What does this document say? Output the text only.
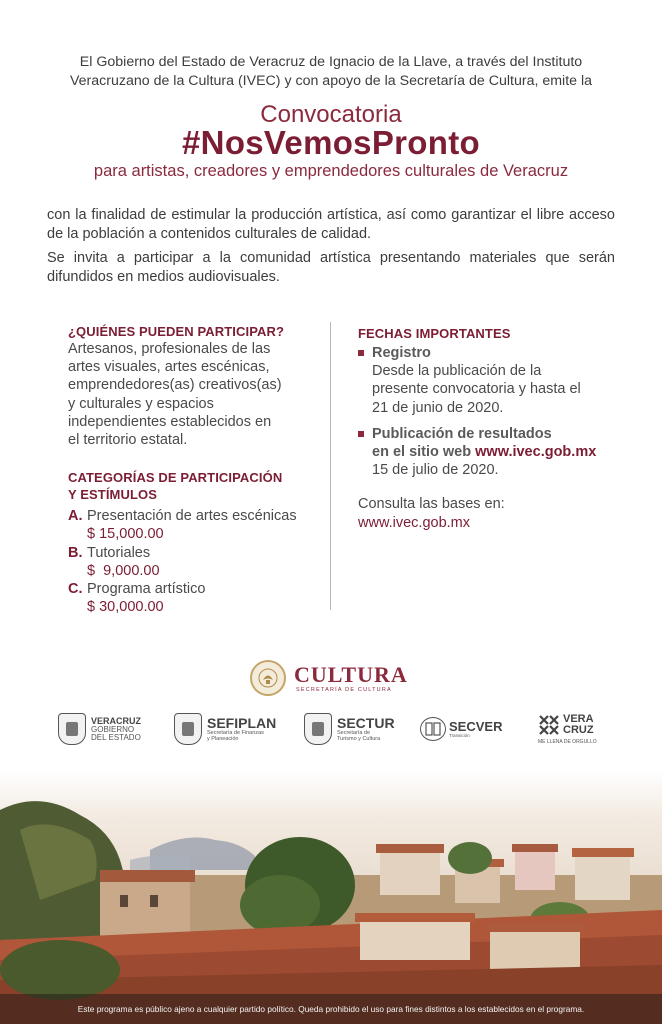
El Gobierno del Estado de Veracruz de Ignacio de la Llave, a través del Instituto
Veracruzano de la Cultura (IVEC) y con apoyo de la Secretaría de Cultura, emite la
Convocatoria
#NosVemosPronto
para artistas, creadores y emprendedores culturales de Veracruz
con la finalidad de estimular la producción artística, así como garantizar el libre acceso de la población a contenidos culturales de calidad.
Se invita a participar a la comunidad artística presentando materiales que serán difundidos en medios audiovisuales.
¿QUIÉNES PUEDEN PARTICIPAR?
Artesanos, profesionales de las
artes visuales, artes escénicas,
emprendedores(as) creativos(as)
y culturales y espacios
independientes establecidos en
el territorio estatal.
CATEGORÍAS DE PARTICIPACIÓN
Y ESTÍMULOS
A. Presentación de artes escénicas
$ 15,000.00
B. Tutoriales
$  9,000.00
C. Programa artístico
$ 30,000.00
FECHAS IMPORTANTES
Registro
Desde la publicación de la
presente convocatoria y hasta el
21 de junio de 2020.
Publicación de resultados
en el sitio web www.ivec.gob.mx
15 de julio de 2020.
Consulta las bases en:
www.ivec.gob.mx
CULTURA
SECRETARÍA DE CULTURA
VERACRUZ
GOBIERNO
DEL ESTADO
SEFIPLAN
Secretaría de Finanzas
y Planeación
SECTUR
Secretaría de
Turismo y Cultura
SECVER
Transición
VERA
CRUZ
ME LLENA DE ORGULLO
Este programa es público ajeno a cualquier partido político. Queda prohibido el uso para fines distintos a los establecidos en el programa.
